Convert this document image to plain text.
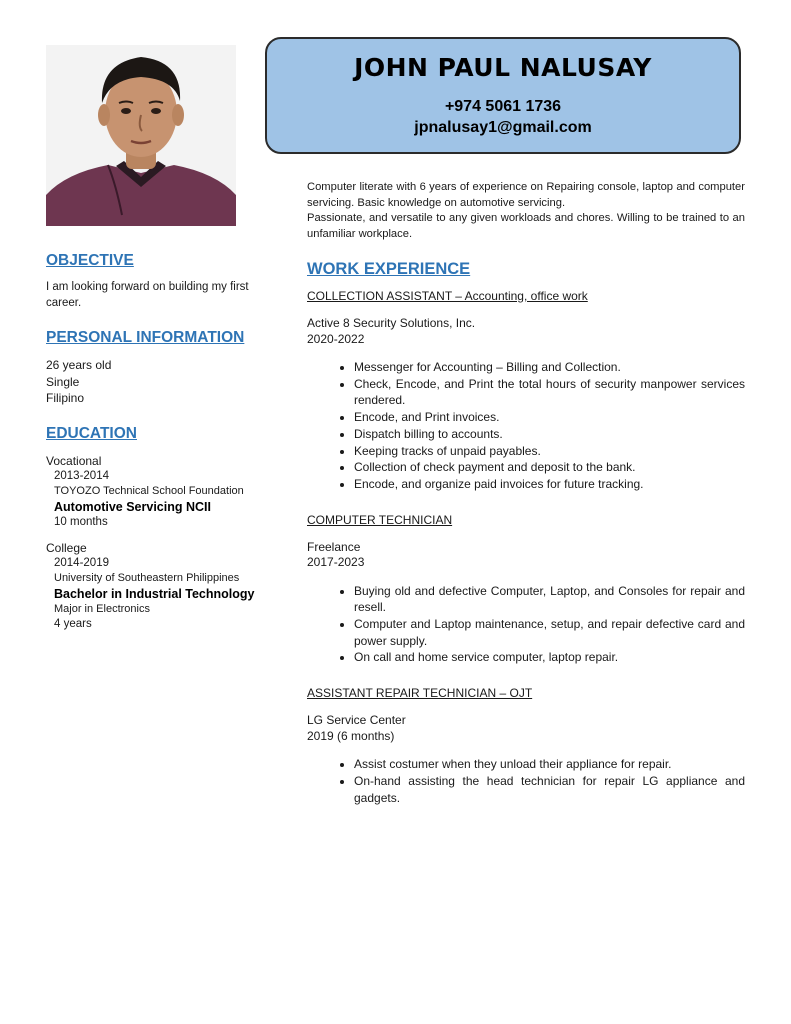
JOHN PAUL NALUSAY
+974 5061 1736
jpnalusay1@gmail.com
OBJECTIVE
I am looking forward on building my first career.
PERSONAL INFORMATION
26 years old
Single
Filipino
EDUCATION
Vocational
2013-2014
TOYOZO Technical School Foundation
Automotive Servicing NCII
10 months
College
2014-2019
University of Southeastern Philippines
Bachelor in Industrial Technology
Major in Electronics
4 years
Computer literate with 6 years of experience on Repairing console, laptop and computer servicing. Basic knowledge on automotive servicing.
Passionate, and versatile to any given workloads and chores. Willing to be trained to an unfamiliar workplace.
WORK EXPERIENCE
COLLECTION ASSISTANT – Accounting, office work
Active 8 Security Solutions, Inc.
2020-2022
• Messenger for Accounting – Billing and Collection.
• Check, Encode, and Print the total hours of security manpower services rendered.
• Encode, and Print invoices.
• Dispatch billing to accounts.
• Keeping tracks of unpaid payables.
• Collection of check payment and deposit to the bank.
• Encode, and organize paid invoices for future tracking.
COMPUTER TECHNICIAN
Freelance
2017-2023
• Buying old and defective Computer, Laptop, and Consoles for repair and resell.
• Computer and Laptop maintenance, setup, and repair defective card and power supply.
• On call and home service computer, laptop repair.
ASSISTANT REPAIR TECHNICIAN – OJT
LG Service Center
2019 (6 months)
• Assist costumer when they unload their appliance for repair.
• On-hand assisting the head technician for repair LG appliance and gadgets.
